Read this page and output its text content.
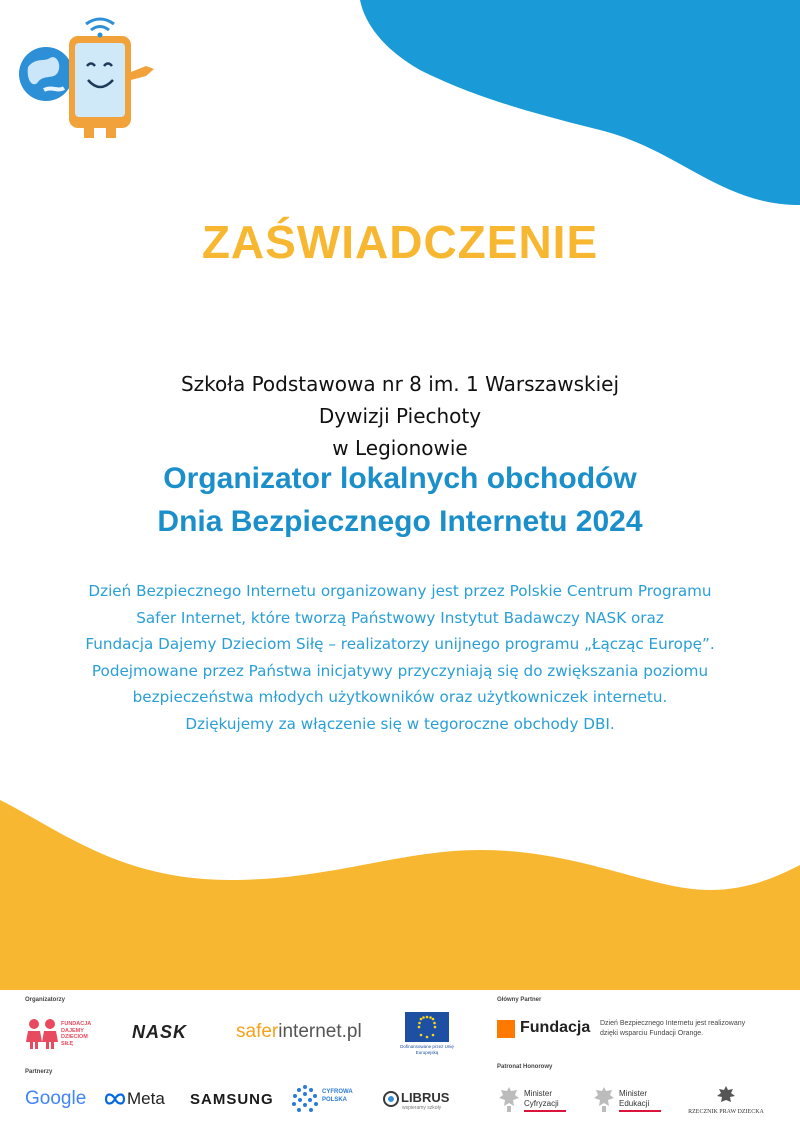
ZAŚWIADCZENIE
Szkoła Podstawowa nr 8 im. 1 Warszawskiej
Dywizji Piechoty
w Legionowie
Organizator lokalnych obchodów
Dnia Bezpiecznego Internetu 2024
Dzień Bezpiecznego Internetu organizowany jest przez Polskie Centrum Programu
Safer Internet, które tworzą Państwowy Instytut Badawczy NASK oraz
Fundacja Dajemy Dzieciom Siłę – realizatorzy unijnego programu „Łącząc Europę”.
Podejmowane przez Państwa inicjatywy przyczyniają się do zwiększania poziomu
bezpieczeństwa młodych użytkowników oraz użytkowniczek internetu.
Dziękujemy za włączenie się w tegoroczne obchody DBI.
Organizatorzy	Główny Partner
FUNDACJA
DAJEMY
DZIECIOM
SIŁĘ
NASK	saferinternet.pl
Dofinansowane przez Unię Europejską
Fundacja Dzień Bezpiecznego Internetu jest realizowany
dzięki wsparciu Fundacji Orange.
Partnerzy
Patronat Honorowy
Google Meta SAMSUNG	CYFROWA
POLSKA	LIBRUS
wspieramy szkoły
Minister
Cyfryzacji
Minister
Edukacji
RZECZNIK PRAW DZIECKA
